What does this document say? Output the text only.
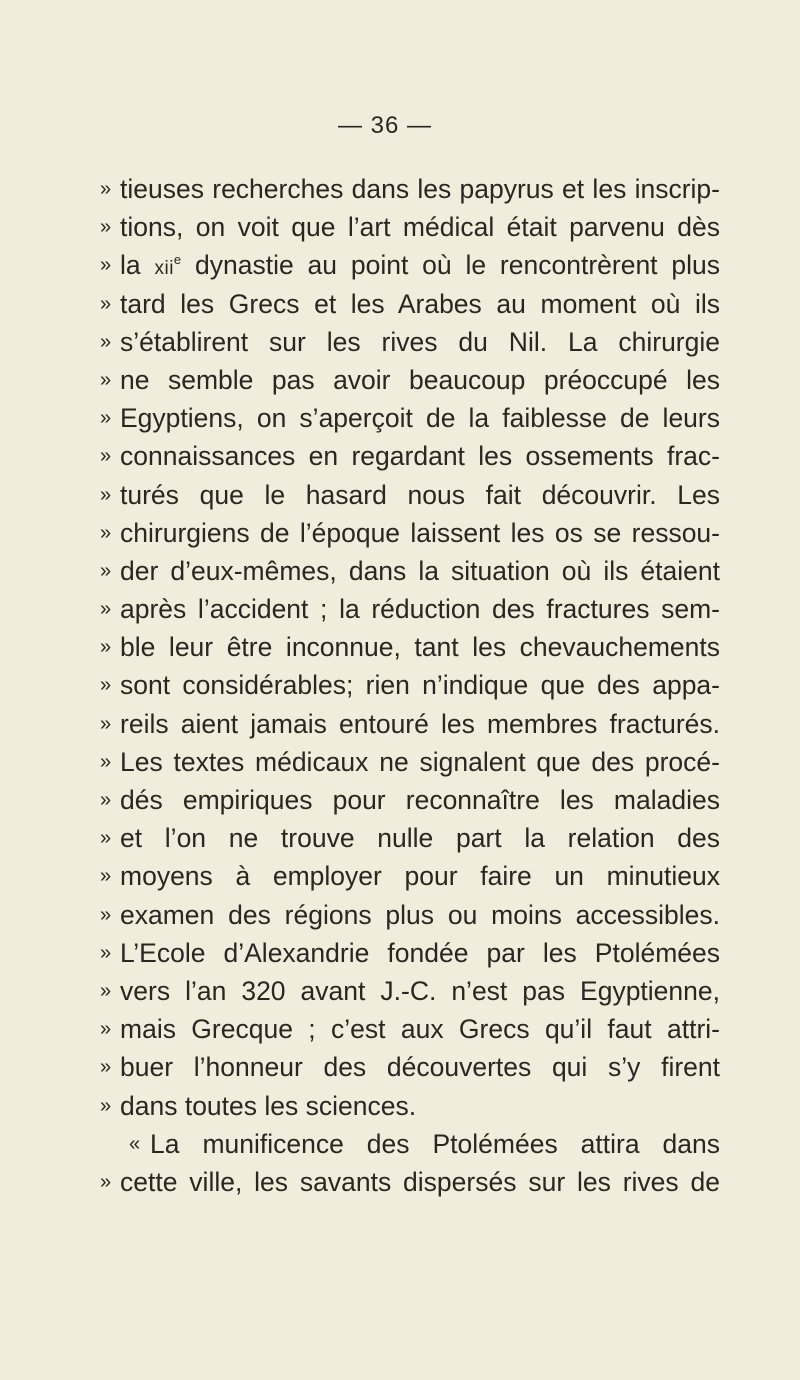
— 36 —
» tieuses recherches dans les papyrus et les inscrip-
» tions, on voit que l’art médical était parvenu dès
» la xii$^e$ dynastie au point où le rencontrèrent plus
» tard les Grecs et les Arabes au moment où ils
» s’établirent sur les rives du Nil. La chirurgie
» ne semble pas avoir beaucoup préoccupé les
» Egyptiens, on s’aperçoit de la faiblesse de leurs
» connaissances en regardant les ossements frac-
» turés que le hasard nous fait découvrir. Les
» chirurgiens de l’époque laissent les os se ressou-
» der d’eux-mêmes, dans la situation où ils étaient
» après l’accident ; la réduction des fractures sem-
» ble leur être inconnue, tant les chevauchements
» sont considérables; rien n’indique que des appa-
» reils aient jamais entouré les membres fracturés.
» Les textes médicaux ne signalent que des procé-
» dés empiriques pour reconnaître les maladies
» et l’on ne trouve nulle part la relation des
» moyens à employer pour faire un minutieux
» examen des régions plus ou moins accessibles.
» L’Ecole d’Alexandrie fondée par les Ptolémées
» vers l’an 320 avant J.-C. n’est pas Egyptienne,
» mais Grecque ; c’est aux Grecs qu’il faut attri-
» buer l’honneur des découvertes qui s’y firent
» dans toutes les sciences.
« La munificence des Ptolémées attira dans
» cette ville, les savants dispersés sur les rives de
